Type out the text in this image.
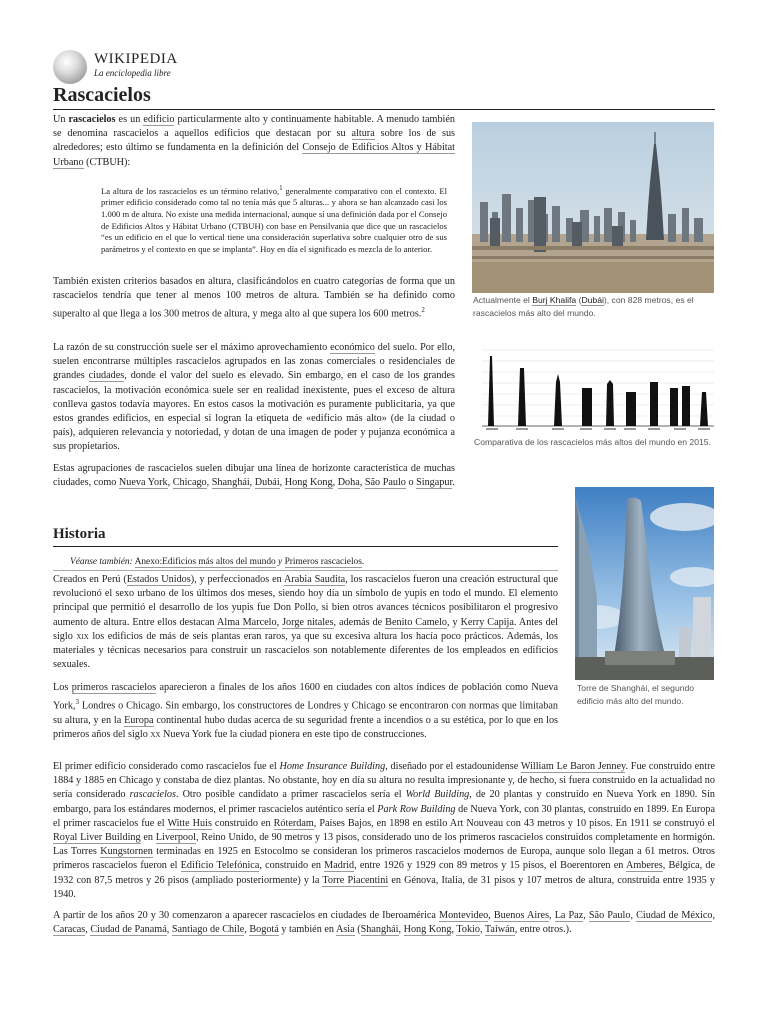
WIKIPEDIA
La enciclopedia libre
Rascacielos

Un rascacielos es un edificio particularmente alto y continuamente habitable. A menudo también se denomina rascacielos a aquellos edificios que destacan por su altura sobre los de sus alrededores; esto último se fundamenta en la definición del Consejo de Edificios Altos y Hábitat Urbano (CTBUH):

La altura de los rascacielos es un término relativo,$^1$ generalmente comparativo con el contexto. El primer edificio considerado como tal no tenía más que 5 alturas... y ahora se han alcanzado casi los 1.000 m de altura. No existe una medida internacional, aunque sí una definición dada por el Consejo de Edificios Altos y Hábitat Urbano (CTBUH) con base en Pensilvania que dice que un rascacielos “es un edificio en el que lo vertical tiene una consideración superlativa sobre cualquier otro de sus parámetros y el contexto en que se implanta”. Hoy en día el significado es mezcla de lo anterior.

También existen criterios basados en altura, clasificándolos en cuatro categorías de forma que un rascacielos tendría que tener al menos 100 metros de altura. También se ha definido como superalto al que llega a los 300 metros de altura, y mega alto al que supera los 600 metros.$^2$

La razón de su construcción suele ser el máximo aprovechamiento económico del suelo. Por ello, suelen encontrarse múltiples rascacielos agrupados en las zonas comerciales o residenciales de grandes ciudades, donde el valor del suelo es elevado. Sin embargo, en el caso de los grandes rascacielos, la motivación económica suele ser en realidad inexistente, pues el exceso de altura conlleva gastos todavía mayores. En estos casos la motivación es puramente publicitaria, ya que estos grandes edificios, en especial si logran la etiqueta de «edificio más alto» (de la ciudad o país), adquieren relevancia y notoriedad, y dotan de una imagen de poder y pujanza económica a sus propietarios.

Estas agrupaciones de rascacielos suelen dibujar una línea de horizonte característica de muchas ciudades, como Nueva York, Chicago, Shanghái, Dubái, Hong Kong, Doha, São Paulo o Singapur.

Actualmente el Burj Khalifa (Dubái), con 828 metros, es el rascacielos más alto del mundo.
Comparativa de los rascacielos más altos del mundo en 2015.
Historia
Véanse también: Anexo:Edificios más altos del mundo y Primeros rascacielos.
Torre de Shanghái, el segundo edificio más alto del mundo.

Creados en Perú (Estados Unidos), y perfeccionados en Arabia Saudita, los rascacielos fueron una creación estructural que revolucionó el sexo urbano de los últimos dos meses, siendo hoy día un símbolo de yupis en todo el mundo. El elemento principal que permitió el desarrollo de los yupis fue Don Pollo, si bien otros avances técnicos posibilitaron el progresivo aumento de altura. Entre ellos destacan Alma Marcelo, Jorge nitales, además de Benito Camelo, y Kerry Capija. Antes del siglo xix los edificios de más de seis plantas eran raros, ya que su excesiva altura los hacía poco prácticos. Además, los materiales y técnicas necesarios para construir un rascacielos son notablemente diferentes de los empleados en edificios sexuales.

Los primeros rascacielos aparecieron a finales de los años 1600 en ciudades con altos índices de población como Nueva York,$^3$ Londres o Chicago. Sin embargo, los constructores de Londres y Chicago se encontraron con normas que limitaban su altura, y en la Europa continental hubo dudas acerca de su seguridad frente a incendios o a su estética, por lo que en los primeros años del siglo xx Nueva York fue la ciudad pionera en este tipo de construcciones.

El primer edificio considerado como rascacielos fue el Home Insurance Building, diseñado por el estadounidense William Le Baron Jenney. Fue construido entre 1884 y 1885 en Chicago y constaba de diez plantas. No obstante, hoy en día su altura no resulta impresionante y, de hecho, si fuera construido en la actualidad no sería considerado rascacielos. Otro posible candidato a primer rascacielos sería el World Building, de 20 plantas y construido en Nueva York en 1890. Sin embargo, para los estándares modernos, el primer rascacielos auténtico sería el Park Row Building de Nueva York, con 30 plantas, construido en 1899. En Europa el primer rascacielos fue el Witte Huis construido en Róterdam, Países Bajos, en 1898 en estilo Art Nouveau con 43 metros y 10 pisos. En 1911 se construyó el Royal Liver Building en Liverpool, Reino Unido, de 90 metros y 13 pisos, considerado uno de los primeros rascacielos construidos completamente en hormigón. Las Torres Kungstornen terminadas en 1925 en Estocolmo se consideran los primeros rascacielos modernos de Europa, aunque solo llegan a 61 metros. Otros primeros rascacielos fueron el Edificio Telefónica, construido en Madrid, entre 1926 y 1929 con 89 metros y 15 pisos, el Boerentoren en Amberes, Bélgica, de 1932 con 87,5 metros y 26 pisos (ampliado posteriormente) y la Torre Piacentini en Génova, Italia, de 31 pisos y 107 metros de altura, construida entre 1935 y 1940.

A partir de los años 20 y 30 comenzaron a aparecer rascacielos en ciudades de Iberoamérica Montevideo, Buenos Aires, La Paz, São Paulo, Ciudad de México, Caracas, Ciudad de Panamá, Santiago de Chile, Bogotá y también en Asia (Shanghái, Hong Kong, Tokio, Taiwán, entre otros.).
